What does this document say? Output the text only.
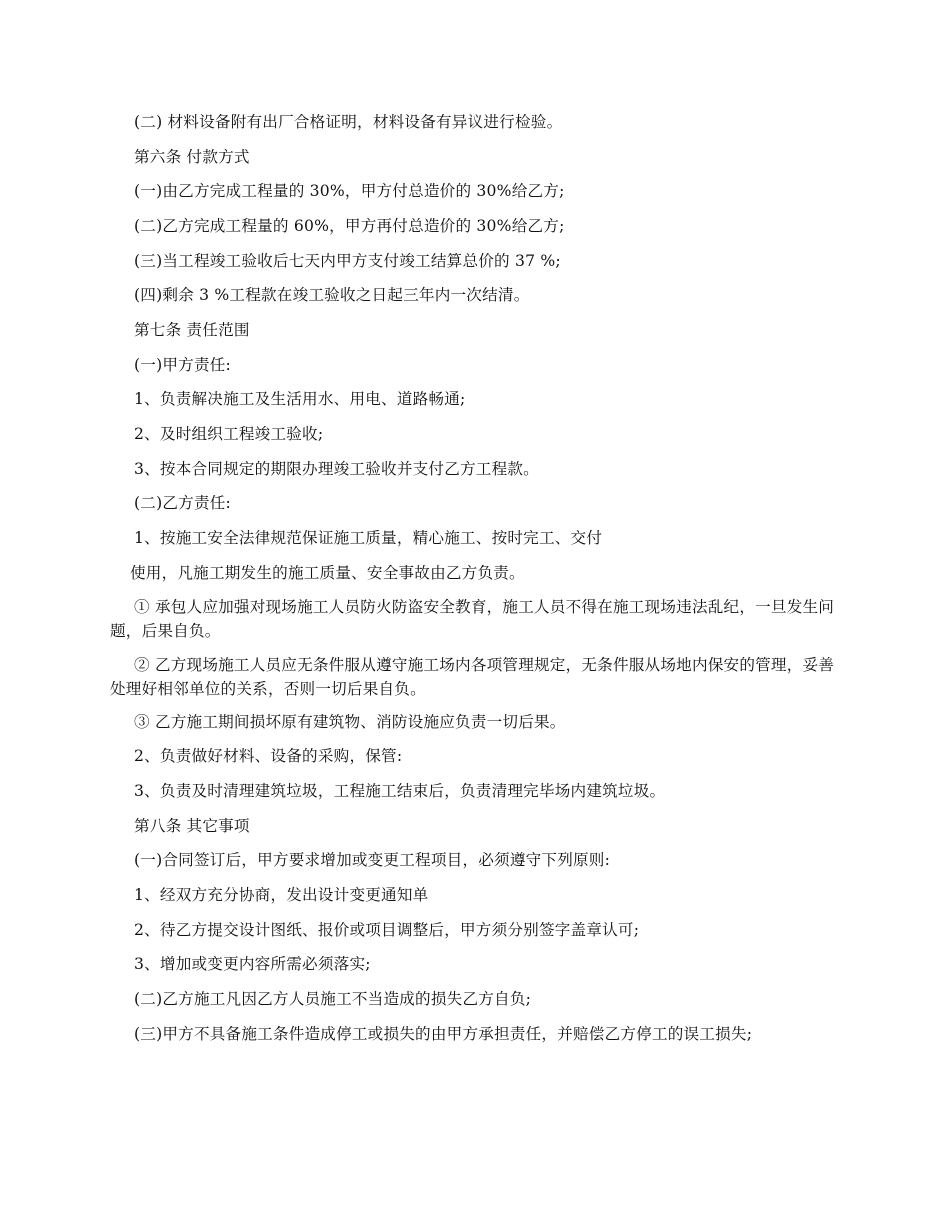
(二) 材料设备附有出厂合格证明，材料设备有异议进行检验。

第六条 付款方式

(一)由乙方完成工程量的 30%，甲方付总造价的 30%给乙方;

(二)乙方完成工程量的 60%，甲方再付总造价的 30%给乙方;

(三)当工程竣工验收后七天内甲方支付竣工结算总价的 37 %;

(四)剩余 3 %工程款在竣工验收之日起三年内一次结清。

第七条 责任范围

(一)甲方责任:

1、负责解决施工及生活用水、用电、道路畅通;

2、及时组织工程竣工验收;

3、按本合同规定的期限办理竣工验收并支付乙方工程款。

(二)乙方责任:

1、按施工安全法律规范保证施工质量，精心施工、按时完工、交付

使用，凡施工期发生的施工质量、安全事故由乙方负责。

① 承包人应加强对现场施工人员防火防盗安全教育，施工人员不得在施工现场违法乱纪，一旦发生问题，后果自负。

② 乙方现场施工人员应无条件服从遵守施工场内各项管理规定，无条件服从场地内保安的管理，妥善处理好相邻单位的关系，否则一切后果自负。

③ 乙方施工期间损坏原有建筑物、消防设施应负责一切后果。

2、负责做好材料、设备的采购，保管:

3、负责及时清理建筑垃圾，工程施工结束后，负责清理完毕场内建筑垃圾。

第八条 其它事项

(一)合同签订后，甲方要求增加或变更工程项目，必须遵守下列原则:

1、经双方充分协商，发出设计变更通知单

2、待乙方提交设计图纸、报价或项目调整后，甲方须分别签字盖章认可;

3、增加或变更内容所需必须落实;

(二)乙方施工凡因乙方人员施工不当造成的损失乙方自负;

(三)甲方不具备施工条件造成停工或损失的由甲方承担责任，并赔偿乙方停工的误工损失;
